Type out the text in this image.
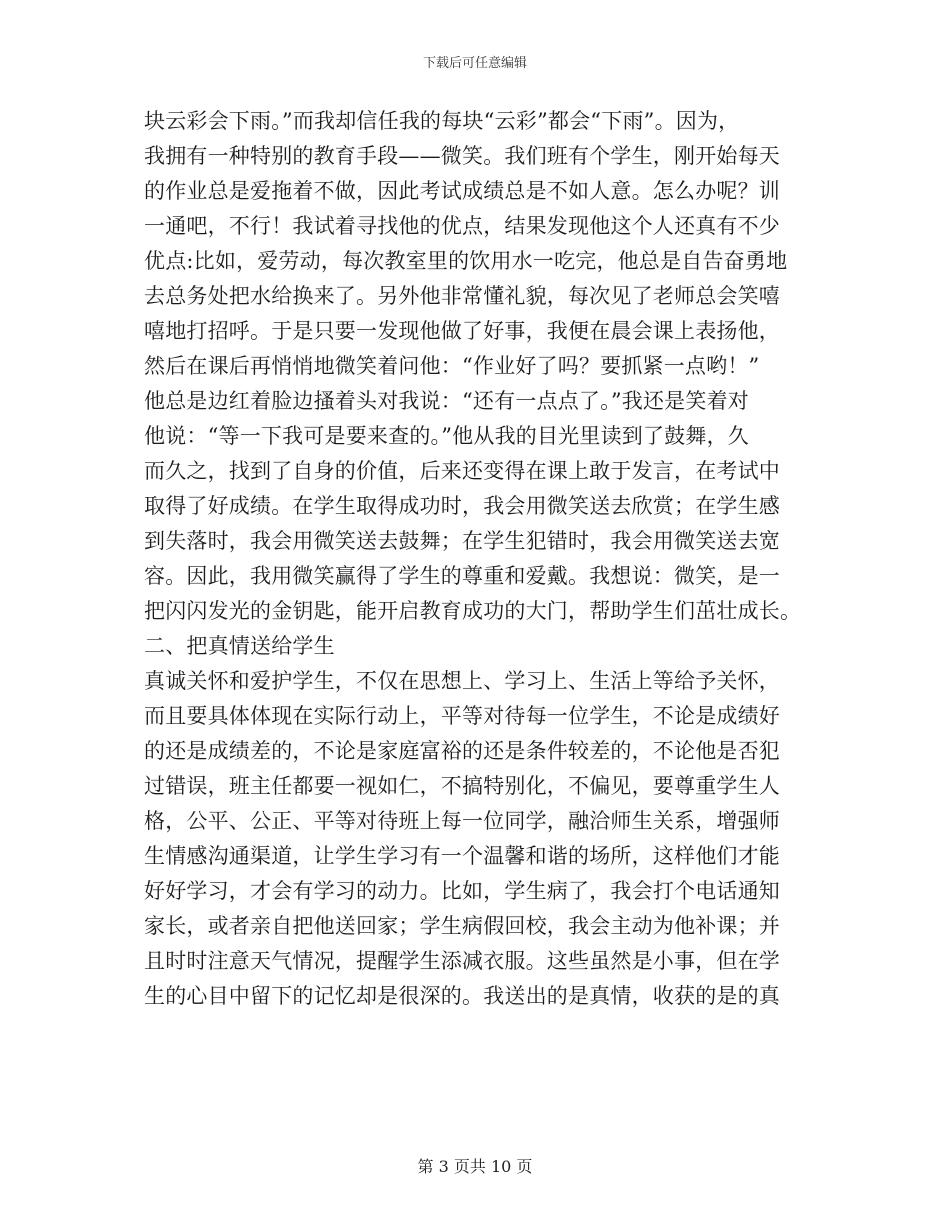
下载后可任意编辑
块云彩会下雨。”而我却信任我的每块“云彩”都会“下雨”。因为，
我拥有一种特别的教育手段——微笑。我们班有个学生，刚开始每天
的作业总是爱拖着不做，因此考试成绩总是不如人意。怎么办呢？训
一通吧，不行！我试着寻找他的优点，结果发现他这个人还真有不少
优点:比如，爱劳动，每次教室里的饮用水一吃完，他总是自告奋勇地
去总务处把水给换来了。另外他非常懂礼貌，每次见了老师总会笑嘻
嘻地打招呼。于是只要一发现他做了好事，我便在晨会课上表扬他，
然后在课后再悄悄地微笑着问他：“作业好了吗？要抓紧一点哟！”
他总是边红着脸边搔着头对我说：“还有一点点了。”我还是笑着对
他说：“等一下我可是要来查的。”他从我的目光里读到了鼓舞，久
而久之，找到了自身的价值，后来还变得在课上敢于发言，在考试中
取得了好成绩。在学生取得成功时，我会用微笑送去欣赏；在学生感
到失落时，我会用微笑送去鼓舞；在学生犯错时，我会用微笑送去宽
容。因此，我用微笑赢得了学生的尊重和爱戴。我想说：微笑，是一
把闪闪发光的金钥匙，能开启教育成功的大门，帮助学生们茁壮成长。
二、把真情送给学生
真诚关怀和爱护学生，不仅在思想上、学习上、生活上等给予关怀，
而且要具体体现在实际行动上，平等对待每一位学生，不论是成绩好
的还是成绩差的，不论是家庭富裕的还是条件较差的，不论他是否犯
过错误，班主任都要一视如仁，不搞特别化，不偏见，要尊重学生人
格，公平、公正、平等对待班上每一位同学，融洽师生关系，增强师
生情感沟通渠道，让学生学习有一个温馨和谐的场所，这样他们才能
好好学习，才会有学习的动力。比如，学生病了，我会打个电话通知
家长，或者亲自把他送回家；学生病假回校，我会主动为他补课；并
且时时注意天气情况，提醒学生添减衣服。这些虽然是小事，但在学
生的心目中留下的记忆却是很深的。我送出的是真情，收获的是的真
第 3 页共 10 页
